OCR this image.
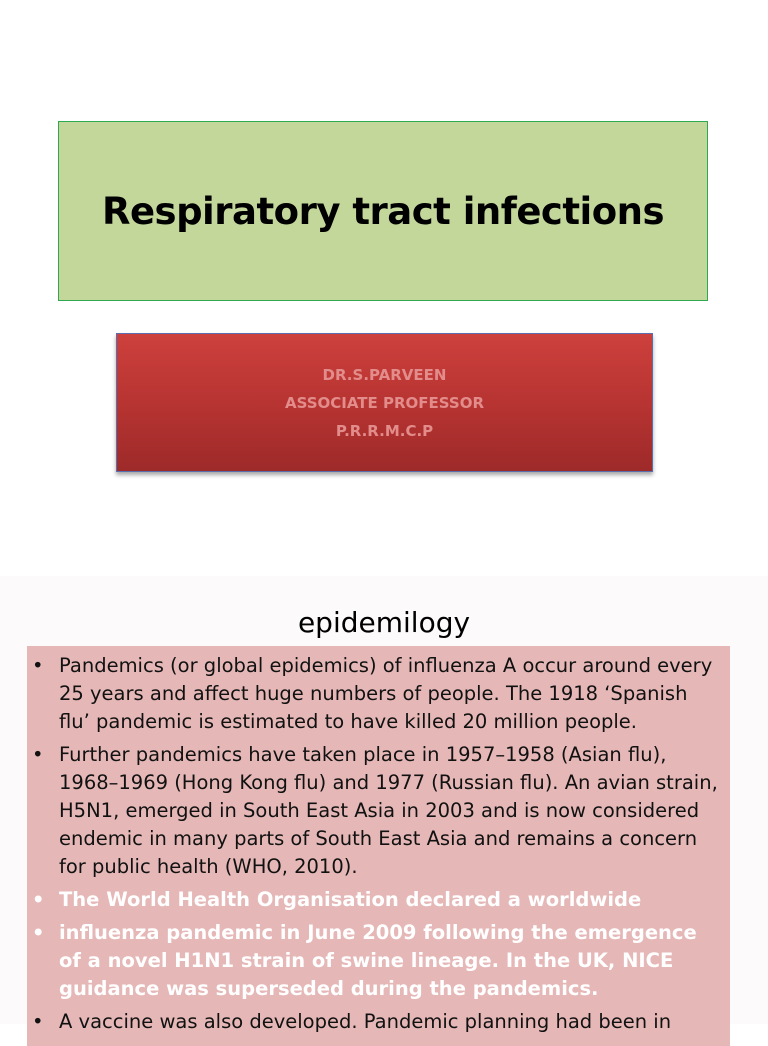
Respiratory tract infections
DR.S.PARVEEN
ASSOCIATE PROFESSOR
P.R.R.M.C.P
epidemilogy
• Pandemics (or global epidemics) of influenza A occur around every 25 years and affect huge numbers of people. The 1918 ‘Spanish flu’ pandemic is estimated to have killed 20 million people.
• Further pandemics have taken place in 1957–1958 (Asian flu), 1968–1969 (Hong Kong flu) and 1977 (Russian flu). An avian strain, H5N1, emerged in South East Asia in 2003 and is now considered endemic in many parts of South East Asia and remains a concern for public health (WHO, 2010).
• The World Health Organisation declared a worldwide
• influenza pandemic in June 2009 following the emergence of a novel H1N1 strain of swine lineage. In the UK, NICE guidance was superseded during the pandemics.
• A vaccine was also developed. Pandemic planning had been in
